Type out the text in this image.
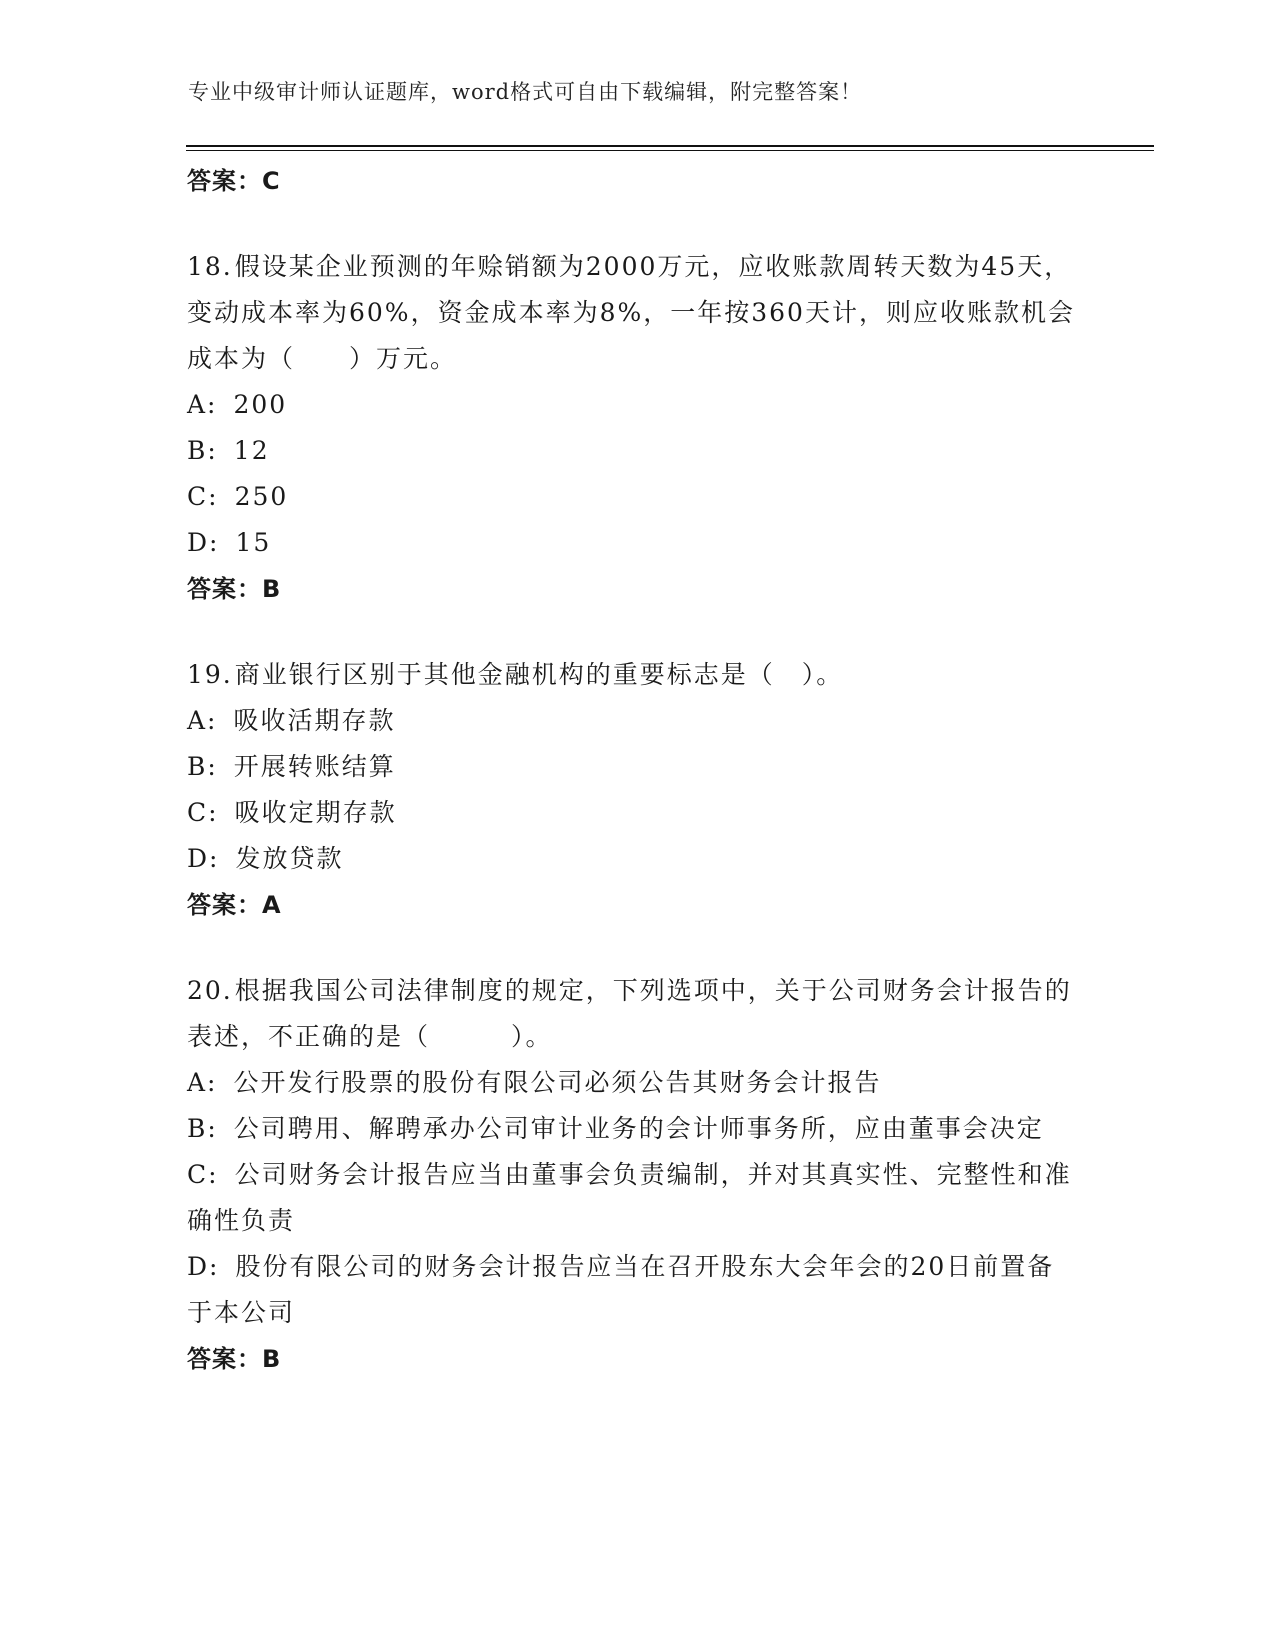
专业中级审计师认证题库，word格式可自由下载编辑，附完整答案！
答案：C

18.假设某企业预测的年赊销额为2000万元，应收账款周转天数为45天，变动成本率为60%，资金成本率为8%，一年按360天计，则应收账款机会成本为（　　）万元。

A: 200

B: 12

C: 250

D: 15

答案：B

19.商业银行区别于其他金融机构的重要标志是（　）。

A: 吸收活期存款

B: 开展转账结算

C: 吸收定期存款

D: 发放贷款

答案：A

20.根据我国公司法律制度的规定，下列选项中，关于公司财务会计报告的表述，不正确的是（　　　）。

A: 公开发行股票的股份有限公司必须公告其财务会计报告

B: 公司聘用、解聘承办公司审计业务的会计师事务所，应由董事会决定

C: 公司财务会计报告应当由董事会负责编制，并对其真实性、完整性和准确性负责

D: 股份有限公司的财务会计报告应当在召开股东大会年会的20日前置备于本公司

答案：B
